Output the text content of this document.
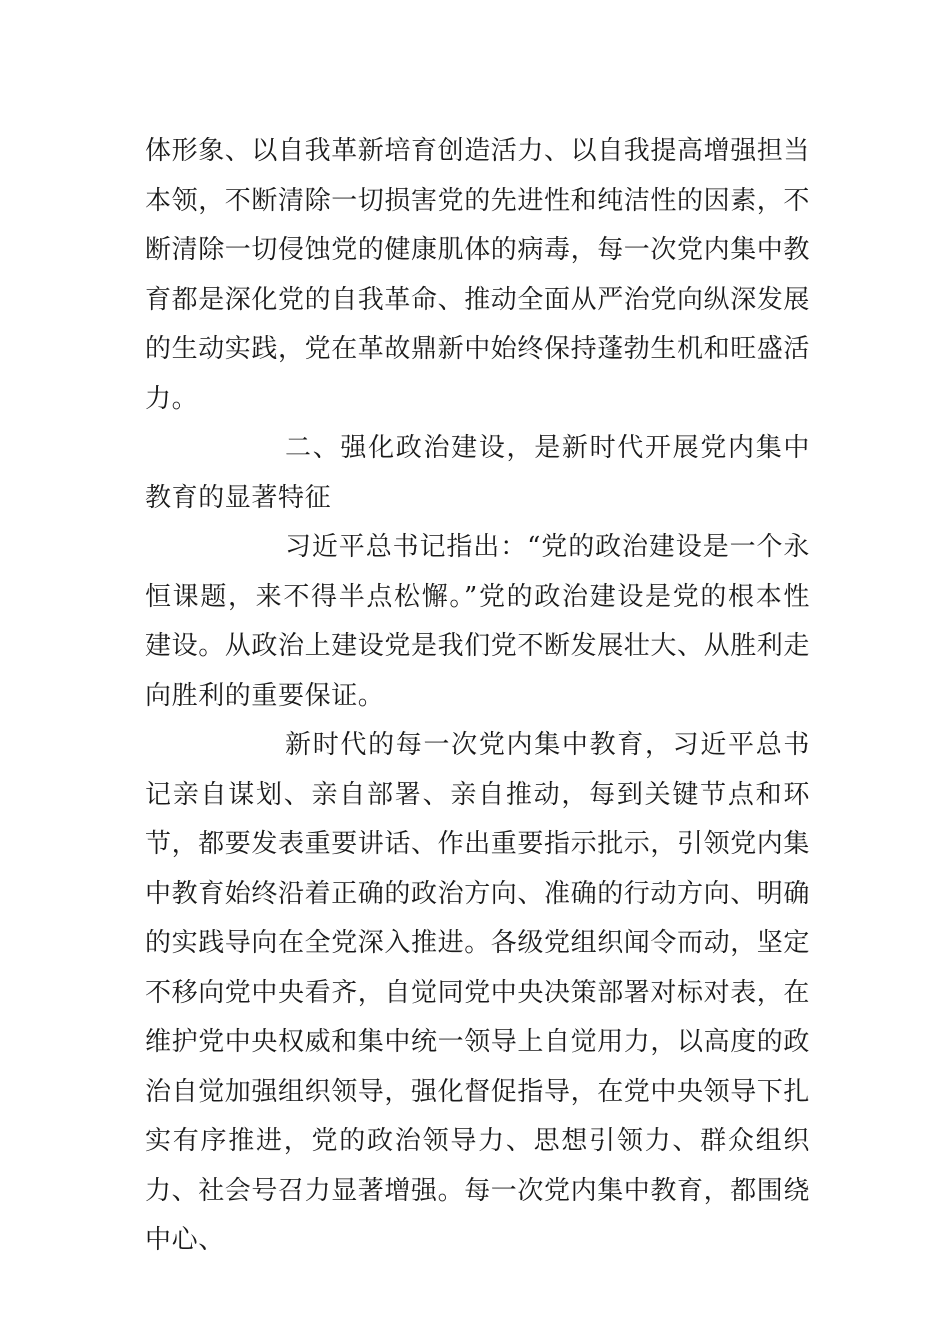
体形象、以自我革新培育创造活力、以自我提高增强担当本领，不断清除一切损害党的先进性和纯洁性的因素，不断清除一切侵蚀党的健康肌体的病毒，每一次党内集中教育都是深化党的自我革命、推动全面从严治党向纵深发展的生动实践，党在革故鼎新中始终保持蓬勃生机和旺盛活力。

二、强化政治建设，是新时代开展党内集中教育的显著特征

习近平总书记指出：“党的政治建设是一个永恒课题，来不得半点松懈。”党的政治建设是党的根本性建设。从政治上建设党是我们党不断发展壮大、从胜利走向胜利的重要保证。

新时代的每一次党内集中教育，习近平总书记亲自谋划、亲自部署、亲自推动，每到关键节点和环节，都要发表重要讲话、作出重要指示批示，引领党内集中教育始终沿着正确的政治方向、准确的行动方向、明确的实践导向在全党深入推进。各级党组织闻令而动，坚定不移向党中央看齐，自觉同党中央决策部署对标对表，在维护党中央权威和集中统一领导上自觉用力，以高度的政治自觉加强组织领导，强化督促指导，在党中央领导下扎实有序推进，党的政治领导力、思想引领力、群众组织力、社会号召力显著增强。每一次党内集中教育，都围绕中心、
